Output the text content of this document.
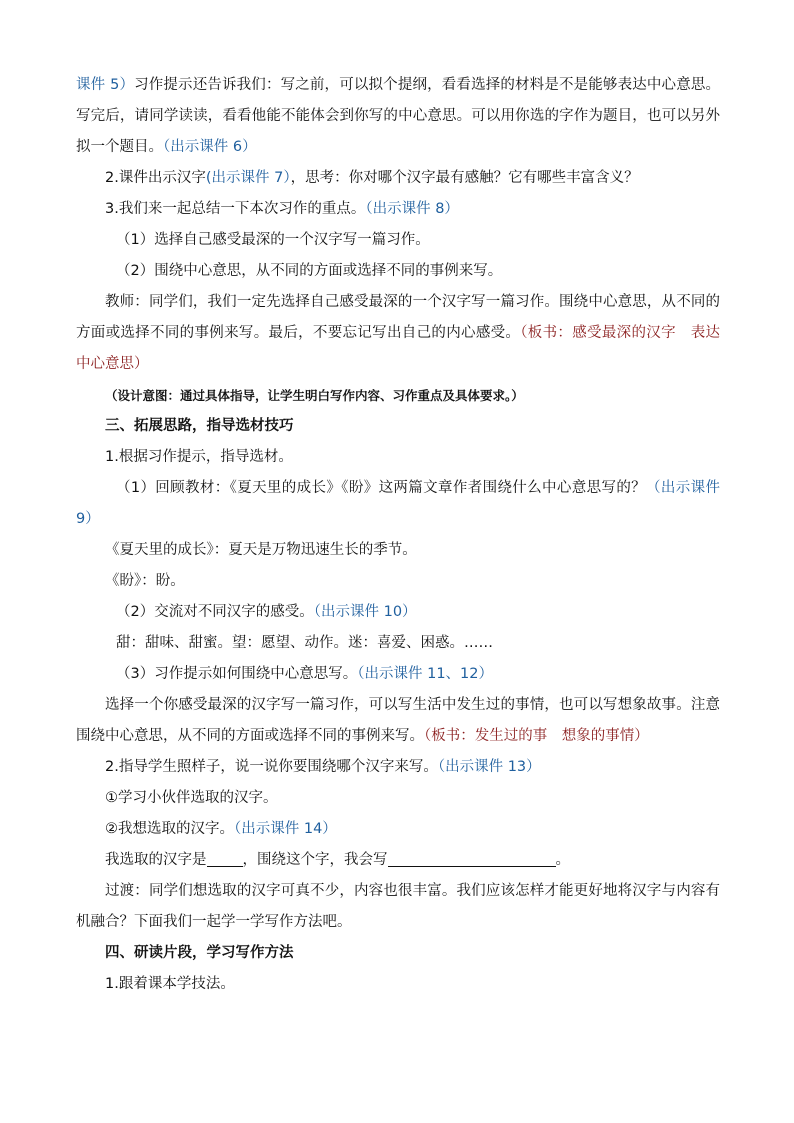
课件 5）习作提示还告诉我们：写之前，可以拟个提纲，看看选择的材料是不是能够表达中心意思。写完后，请同学读读，看看他能不能体会到你写的中心意思。可以用你选的字作为题目，也可以另外拟一个题目。（出示课件 6）

2.课件出示汉字(出示课件 7），思考：你对哪个汉字最有感触？它有哪些丰富含义？

3.我们来一起总结一下本次习作的重点。（出示课件 8）

（1）选择自己感受最深的一个汉字写一篇习作。

（2）围绕中心意思，从不同的方面或选择不同的事例来写。

教师：同学们，我们一定先选择自己感受最深的一个汉字写一篇习作。围绕中心意思，从不同的方面或选择不同的事例来写。最后，不要忘记写出自己的内心感受。（板书：感受最深的汉字　表达中心意思）

（设计意图：通过具体指导，让学生明白写作内容、习作重点及具体要求。）

三、拓展思路，指导选材技巧

1.根据习作提示，指导选材。

（1）回顾教材：《夏天里的成长》《盼》这两篇文章作者围绕什么中心意思写的？（出示课件 9）

《夏天里的成长》：夏天是万物迅速生长的季节。

《盼》：盼。

（2）交流对不同汉字的感受。（出示课件 10）

甜：甜味、甜蜜。望：愿望、动作。迷：喜爱、困惑。……

（3）习作提示如何围绕中心意思写。（出示课件 11、12）

选择一个你感受最深的汉字写一篇习作，可以写生活中发生过的事情，也可以写想象故事。注意围绕中心意思，从不同的方面或选择不同的事例来写。（板书：发生过的事　想象的事情）

2.指导学生照样子，说一说你要围绕哪个汉字来写。（出示课件 13）

①学习小伙伴选取的汉字。

②我想选取的汉字。（出示课件 14）

我选取的汉字是 ，围绕这个字，我会写	。

过渡：同学们想选取的汉字可真不少，内容也很丰富。我们应该怎样才能更好地将汉字与内容有机融合？下面我们一起学一学写作方法吧。

四、研读片段，学习写作方法

1.跟着课本学技法。
